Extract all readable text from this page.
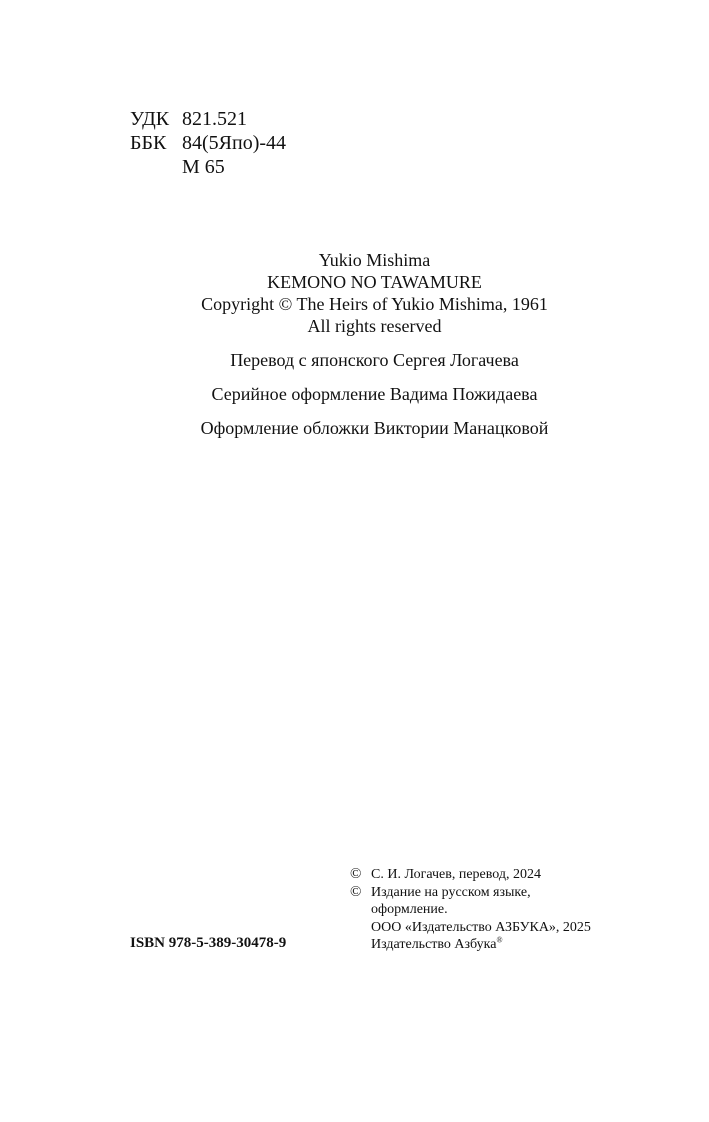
УДК 821.521
ББК 84(5Япо)-44
М 65
Yukio Mishima
KEMONO NO TAWAMURE
Copyright © The Heirs of Yukio Mishima, 1961
All rights reserved
Перевод с японского Сергея Логачева
Серийное оформление Вадима Пожидаева
Оформление обложки Виктории Манацковой
© С. И. Логачев, перевод, 2024
© Издание на русском языке,
оформление.
ООО «Издательство АЗБУКА», 2025
Издательство Азбука®
ISBN 978-5-389-30478-9
